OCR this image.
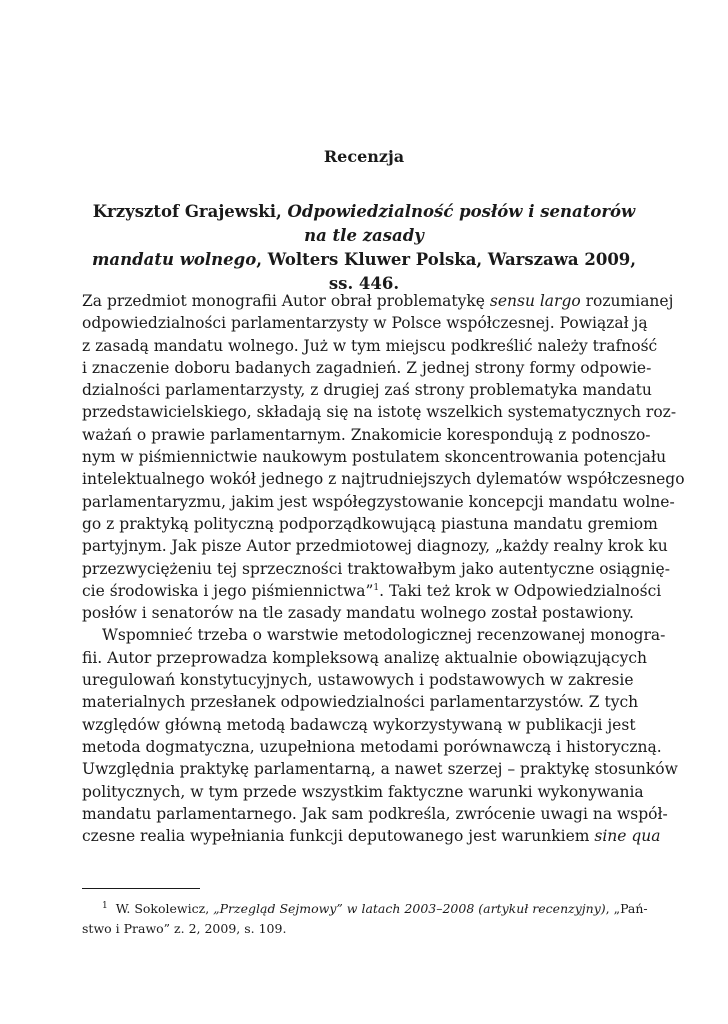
Recenzja
Krzysztof Grajewski, Odpowiedzialność posłów i senatorów na tle zasady
mandatu wolnego, Wolters Kluwer Polska, Warszawa 2009, ss. 446.
Za przedmiot monografii Autor obrał problematykę sensu largo rozumianej
odpowiedzialności parlamentarzysty w Polsce współczesnej. Powiązał ją
z zasadą mandatu wolnego. Już w tym miejscu podkreślić należy trafność
i znaczenie doboru badanych zagadnień. Z jednej strony formy odpowie-
dzialności parlamentarzysty, z drugiej zaś strony problematyka mandatu
przedstawicielskiego, składają się na istotę wszelkich systematycznych roz-
ważań o prawie parlamentarnym. Znakomicie korespondują z podnoszo-
nym w piśmiennictwie naukowym postulatem skoncentrowania potencjału
intelektualnego wokół jednego z najtrudniejszych dylematów współczesnego
parlamentaryzmu, jakim jest współegzystowanie koncepcji mandatu wolne-
go z praktyką polityczną podporządkowującą piastuna mandatu gremiom
partyjnym. Jak pisze Autor przedmiotowej diagnozy, „każdy realny krok ku
przezwyciężeniu tej sprzeczności traktowałbym jako autentyczne osiągnię-
cie środowiska i jego piśmiennictwa”$^1$. Taki też krok w Odpowiedzialności
posłów i senatorów na tle zasady mandatu wolnego został postawiony.
Wspomnieć trzeba o warstwie metodologicznej recenzowanej monogra-
fii. Autor przeprowadza kompleksową analizę aktualnie obowiązujących
uregulowań konstytucyjnych, ustawowych i podstawowych w zakresie
materialnych przesłanek odpowiedzialności parlamentarzystów. Z tych
względów główną metodą badawczą wykorzystywaną w publikacji jest
metoda dogmatyczna, uzupełniona metodami porównawczą i historyczną.
Uwzględnia praktykę parlamentarną, a nawet szerzej – praktykę stosunków
politycznych, w tym przede wszystkim faktyczne warunki wykonywania
mandatu parlamentarnego. Jak sam podkreśla, zwrócenie uwagi na współ-
czesne realia wypełniania funkcji deputowanego jest warunkiem sine qua
$^1$ W. Sokolewicz, „Przegląd Sejmowy” w latach 2003–2008 (artykuł recenzyjny), „Pań-
stwo i Prawo” z. 2, 2009, s. 109.
